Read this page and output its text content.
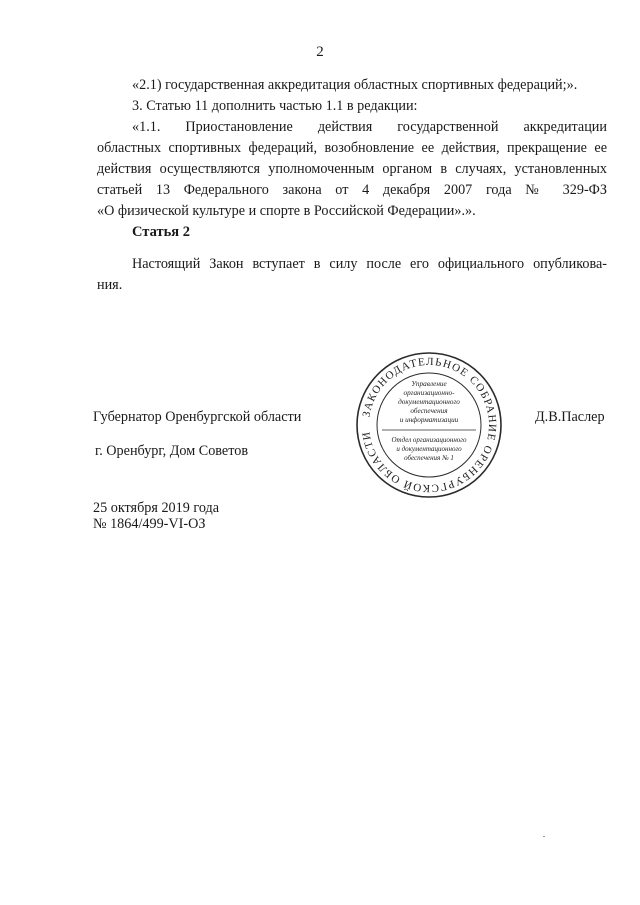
2
«2.1) государственная аккредитация областных спортивных федераций;».
3. Статью 11 дополнить частью 1.1 в редакции:
«1.1. Приостановление действия государственной аккредитации
областных спортивных федераций, возобновление ее действия, прекращение ее
действия осуществляются уполномоченным органом в случаях, установленных
статьей 13 Федерального закона от 4 декабря 2007 года № 329-ФЗ
«О физической культуре и спорте в Российской Федерации».».
Статья 2
Настоящий Закон вступает в силу после его официального опубликова-
ния.
Губернатор Оренбургской области	Д.В.Паслер
г. Оренбург, Дом Советов
25 октября 2019 года
№ 1864/499-VI-ОЗ
ЗАКОНОДАТЕЛЬНОЕ СОБРАНИЕ ОРЕНБУРГСКОЙ ОБЛАСТИ
Управление
организационно-
документационного
обеспечения
и информатизации
Отдел организационного
и документационного
обеспечения № 1
